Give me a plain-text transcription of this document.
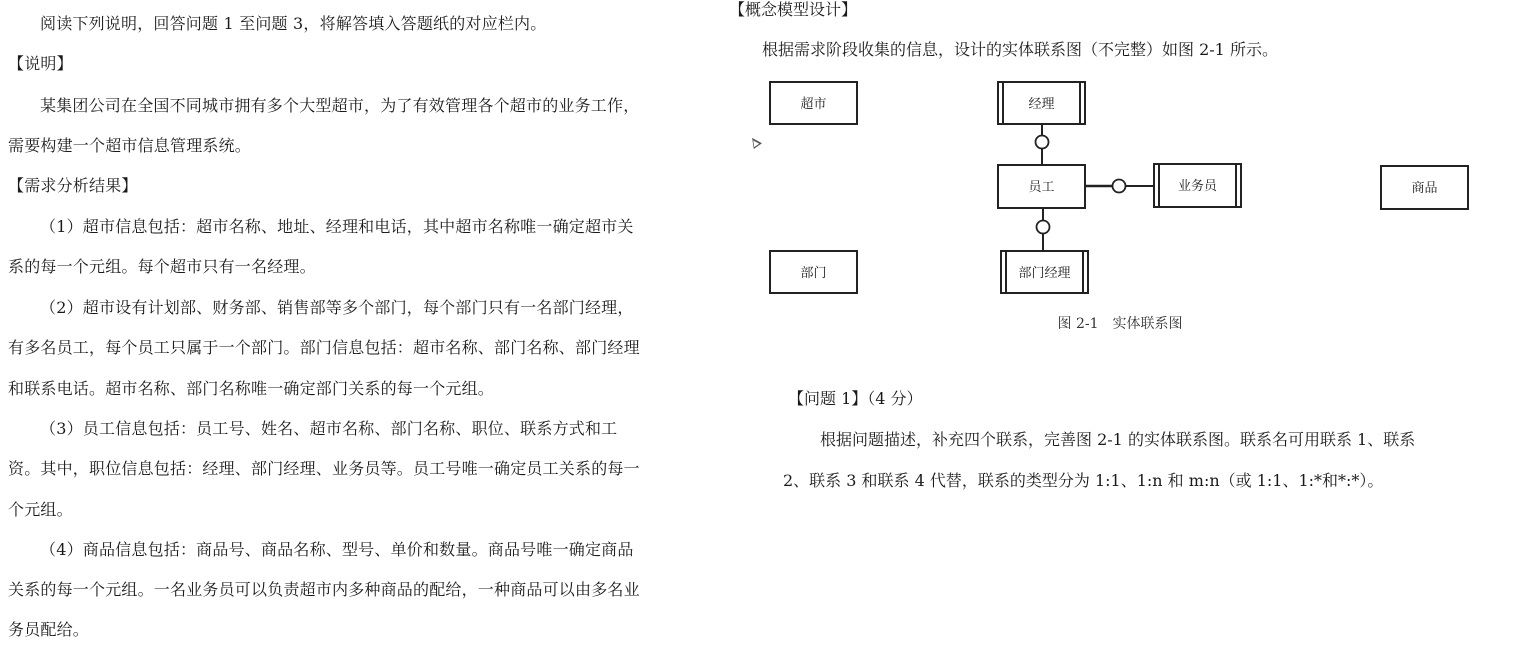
阅读下列说明，回答问题 1 至问题 3，将解答填入答题纸的对应栏内。
【说明】
某集团公司在全国不同城市拥有多个大型超市，为了有效管理各个超市的业务工作，
需要构建一个超市信息管理系统。
【需求分析结果】
（1）超市信息包括：超市名称、地址、经理和电话，其中超市名称唯一确定超市关
系的每一个元组。每个超市只有一名经理。
（2）超市设有计划部、财务部、销售部等多个部门，每个部门只有一名部门经理，
有多名员工，每个员工只属于一个部门。部门信息包括：超市名称、部门名称、部门经理
和联系电话。超市名称、部门名称唯一确定部门关系的每一个元组。
（3）员工信息包括：员工号、姓名、超市名称、部门名称、职位、联系方式和工
资。其中，职位信息包括：经理、部门经理、业务员等。员工号唯一确定员工关系的每一
个元组。
（4）商品信息包括：商品号、商品名称、型号、单价和数量。商品号唯一确定商品
关系的每一个元组。一名业务员可以负责超市内多种商品的配给，一种商品可以由多名业
务员配给。
【概念模型设计】
根据需求阶段收集的信息，设计的实体联系图（不完整）如图 2-1 所示。
超市	经理
员工	业务员	商品
部门	部门经理
图 2-1　实体联系图
【问题 1】（4 分）
根据问题描述，补充四个联系，完善图 2-1 的实体联系图。联系名可用联系 1、联系
2、联系 3 和联系 4 代替，联系的类型分为 1:1、1:n 和 m:n（或 1:1、1:*和*:*）。
